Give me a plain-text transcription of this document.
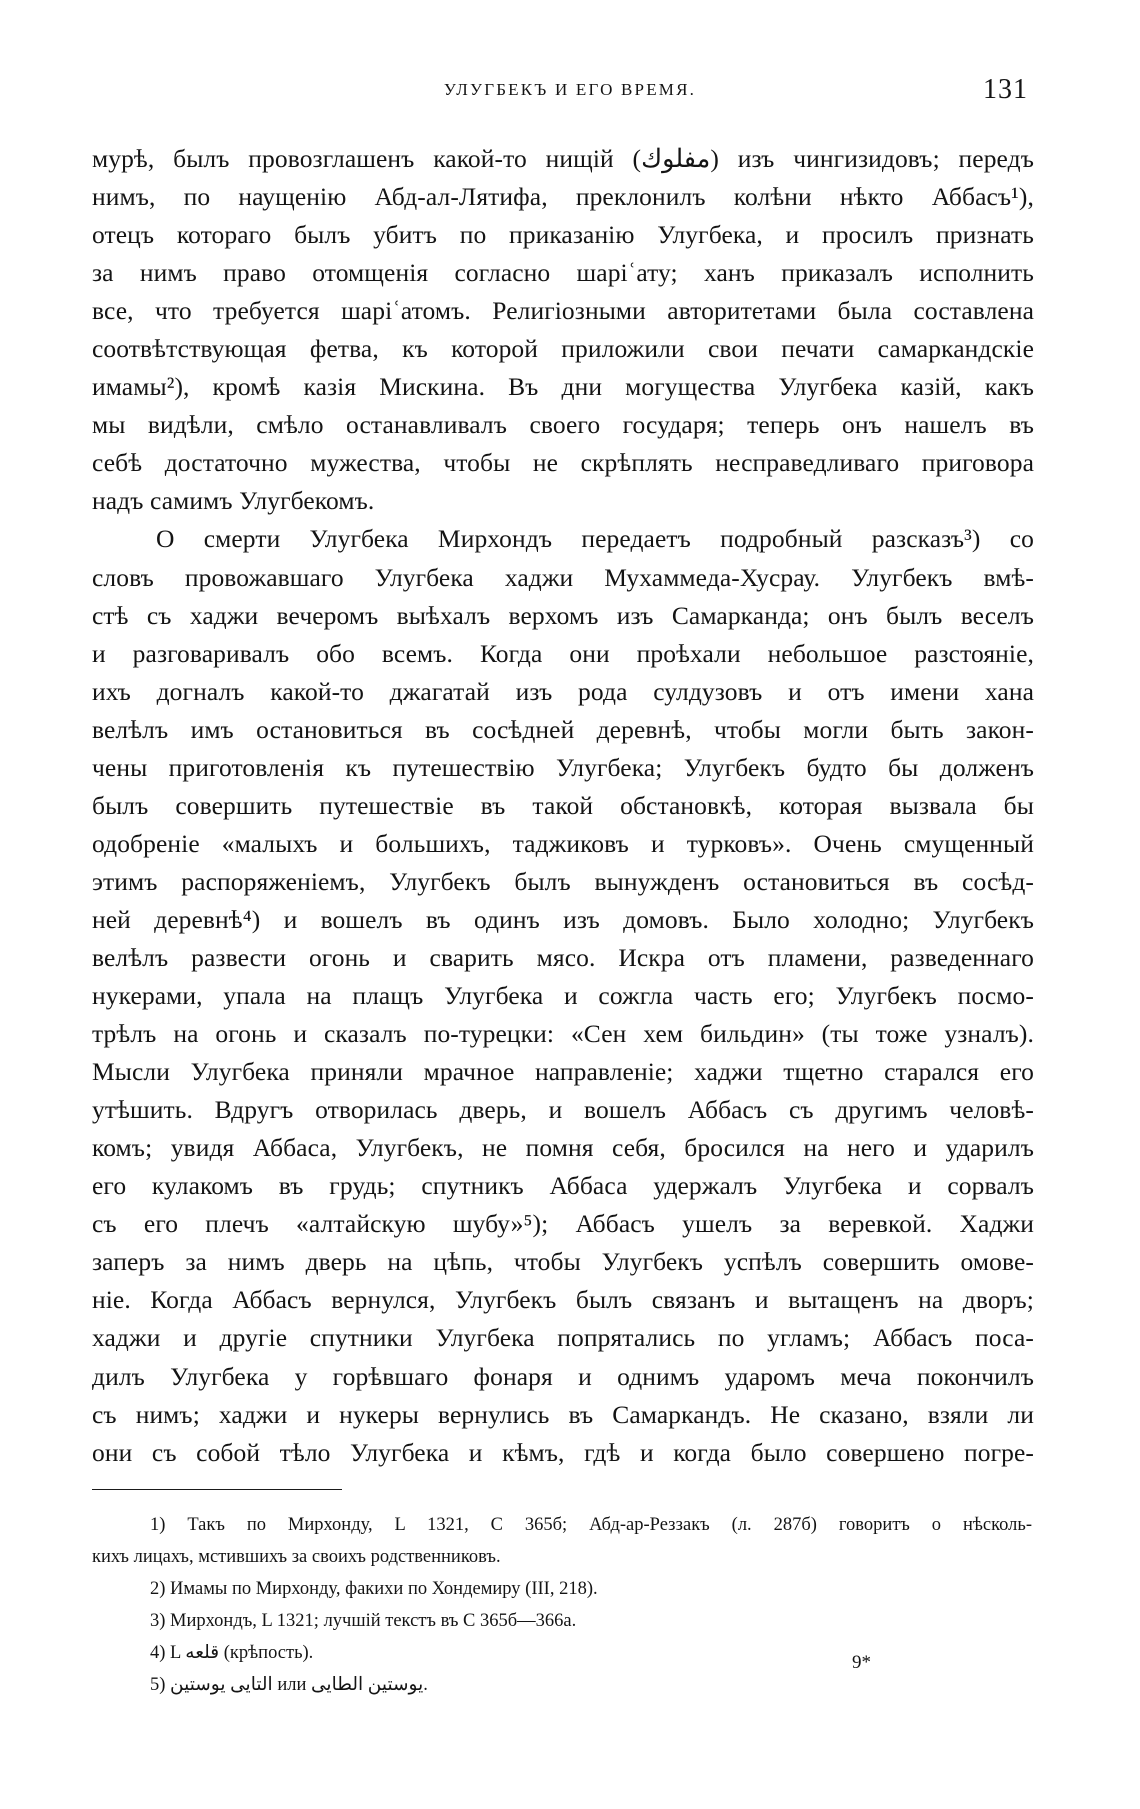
УЛУГБЕКЪ И ЕГО ВРЕМЯ.	131
мурѣ, былъ провозглашенъ какой-то нищій (مفلوك) изъ чингизидовъ; передъ
нимъ, по наущенію Абд-ал-Лятифа, преклонилъ колѣни нѣкто Аббасъ¹),
отецъ котораго былъ убитъ по приказанію Улугбека, и просилъ признать
за нимъ право отомщенія согласно шаріʿату; ханъ приказалъ исполнить
все, что требуется шаріʿатомъ. Религіозными авторитетами была составлена
соотвѣтствующая фетва, къ которой приложили свои печати самаркандскіе
имамы²), кромѣ казія Мискина. Въ дни могущества Улугбека казій, какъ
мы видѣли, смѣло останавливалъ своего государя; теперь онъ нашелъ въ
себѣ достаточно мужества, чтобы не скрѣплять несправедливаго приговора
надъ самимъ Улугбекомъ.
О смерти Улугбека Мирхондъ передаетъ подробный разсказъ³) со
словъ провожавшаго Улугбека хаджи Мухаммеда-Хусрау. Улугбекъ вмѣ-
стѣ съ хаджи вечеромъ выѣхалъ верхомъ изъ Самарканда; онъ былъ веселъ
и разговаривалъ обо всемъ. Когда они проѣхали небольшое разстояніе,
ихъ догналъ какой-то джагатай изъ рода сулдузовъ и отъ имени хана
велѣлъ имъ остановиться въ сосѣдней деревнѣ, чтобы могли быть закон-
чены приготовленія къ путешествію Улугбека; Улугбекъ будто бы долженъ
былъ совершить путешествіе въ такой обстановкѣ, которая вызвала бы
одобреніе «малыхъ и большихъ, таджиковъ и турковъ». Очень смущенный
этимъ распоряженіемъ, Улугбекъ былъ вынужденъ остановиться въ сосѣд-
ней деревнѣ⁴) и вошелъ въ одинъ изъ домовъ. Было холодно; Улугбекъ
велѣлъ развести огонь и сварить мясо. Искра отъ пламени, разведеннаго
нукерами, упала на плащъ Улугбека и сожгла часть его; Улугбекъ посмо-
трѣлъ на огонь и сказалъ по-турецки: «Сен хем бильдин» (ты тоже узналъ).
Мысли Улугбека приняли мрачное направленіе; хаджи тщетно старался его
утѣшить. Вдругъ отворилась дверь, и вошелъ Аббасъ съ другимъ человѣ-
комъ; увидя Аббаса, Улугбекъ, не помня себя, бросился на него и ударилъ
его кулакомъ въ грудь; спутникъ Аббаса удержалъ Улугбека и сорвалъ
съ его плечъ «алтайскую шубу»⁵); Аббасъ ушелъ за веревкой. Хаджи
заперъ за нимъ дверь на цѣпь, чтобы Улугбекъ успѣлъ совершить омове-
ніе. Когда Аббасъ вернулся, Улугбекъ былъ связанъ и вытащенъ на дворъ;
хаджи и другіе спутники Улугбека попрятались по угламъ; Аббасъ поса-
дилъ Улугбека у горѣвшаго фонаря и однимъ ударомъ меча покончилъ
съ нимъ; хаджи и нукеры вернулись въ Самаркандъ. Не сказано, взяли ли
они съ собой тѣло Улугбека и кѣмъ, гдѣ и когда было совершено погре-
1) Такъ по Мирхонду, L 1321, C 365б; Абд-ар-Реззакъ (л. 287б) говоритъ о нѣсколь-
кихъ лицахъ, мстившихъ за своихъ родственниковъ.
2) Имамы по Мирхонду, факихи по Хондемиру (III, 218).
3) Мирхондъ, L 1321; лучшій текстъ въ C 365б—366а.
4) L قلعه (крѣпость).
5) التايى يوستين или يوستين الطايى.
9*
